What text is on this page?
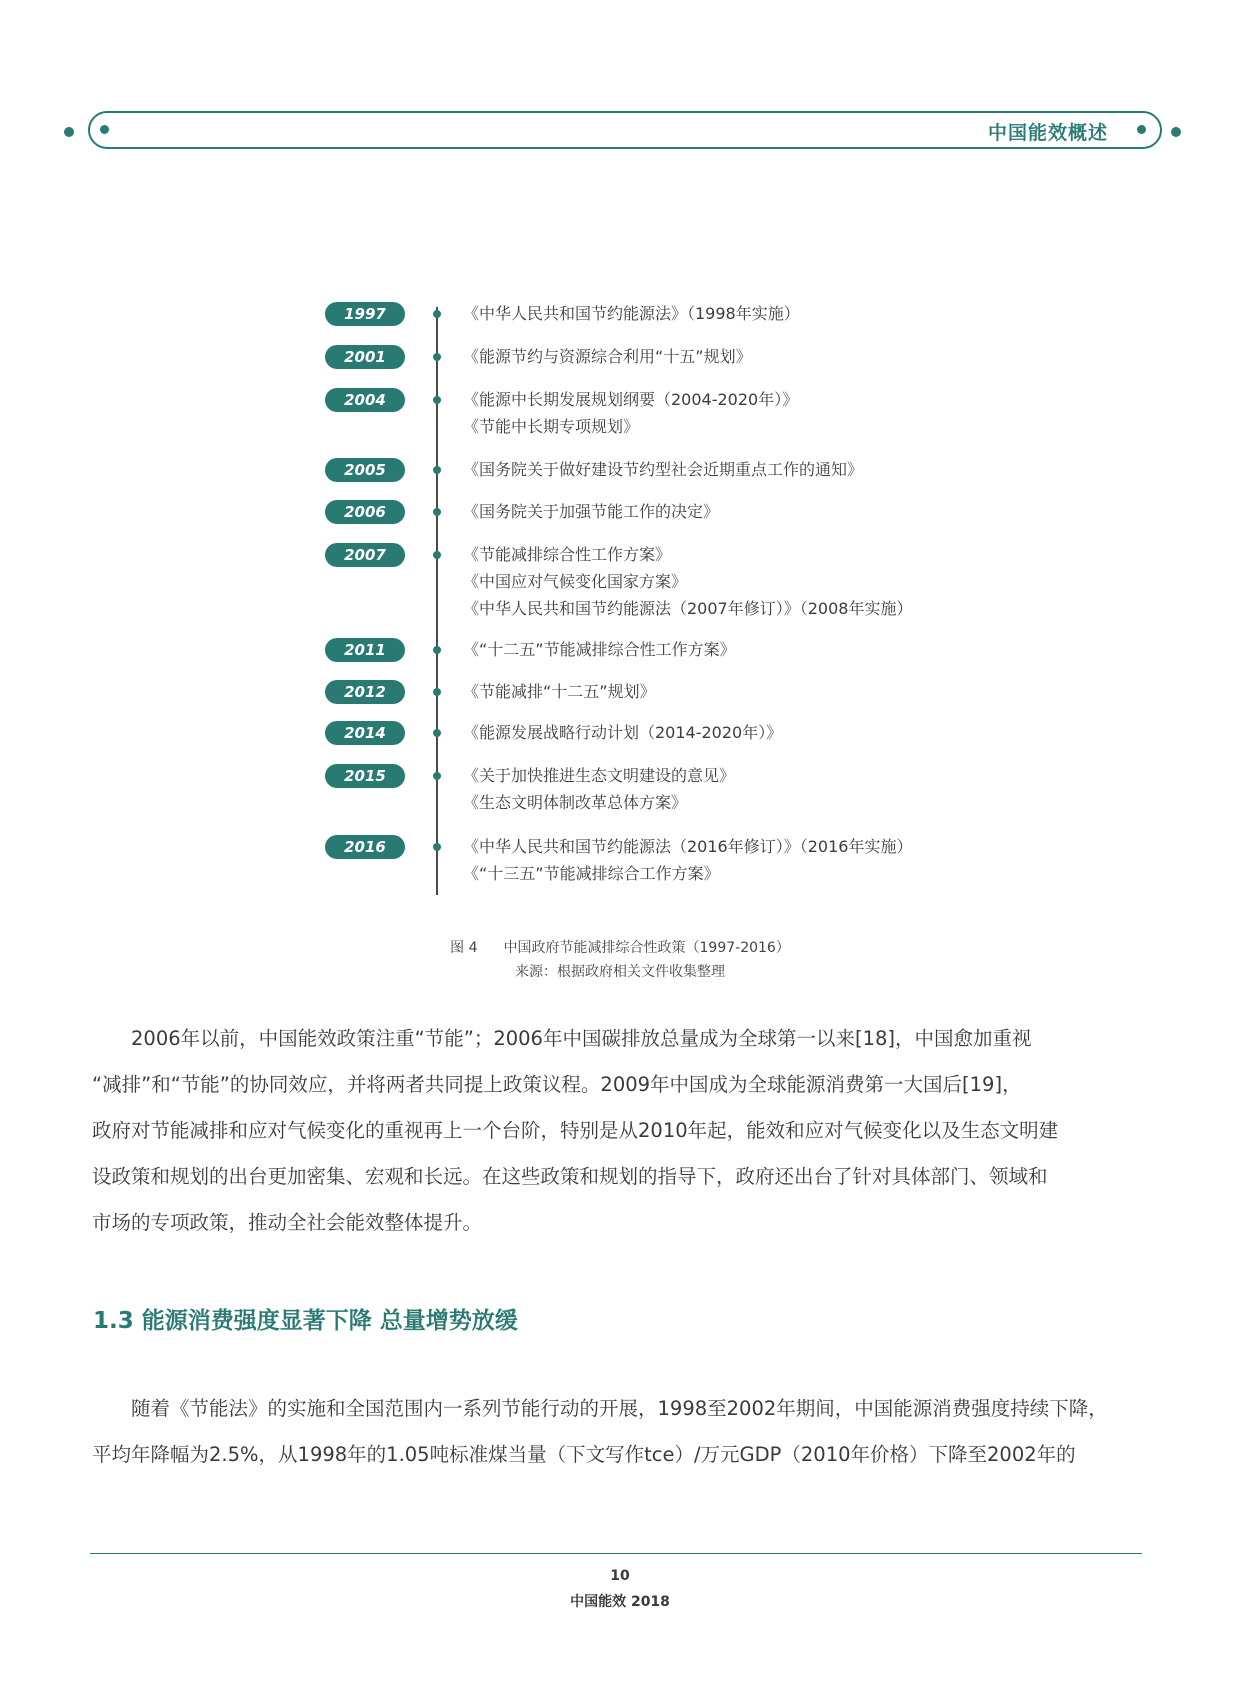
中国能效概述
1997	《中华人民共和国节约能源法》（1998年实施）
2001	《能源节约与资源综合利用“十五”规划》
2004	《能源中长期发展规划纲要（2004-2020年）》
《节能中长期专项规划》
2005	《国务院关于做好建设节约型社会近期重点工作的通知》
2006	《国务院关于加强节能工作的决定》
2007	《节能减排综合性工作方案》
《中国应对气候变化国家方案》
《中华人民共和国节约能源法（2007年修订）》（2008年实施）
2011	《“十二五”节能减排综合性工作方案》
2012	《节能减排“十二五”规划》
2014	《能源发展战略行动计划（2014-2020年）》
2015	《关于加快推进生态文明建设的意见》
《生态文明体制改革总体方案》
2016	《中华人民共和国节约能源法（2016年修订）》（2016年实施）
《“十三五”节能减排综合工作方案》
图 4 中国政府节能减排综合性政策（1997-2016）
来源：根据政府相关文件收集整理
　　2006年以前，中国能效政策注重“节能”；2006年中国碳排放总量成为全球第一以来[18]，中国愈加重视
“减排”和“节能”的协同效应，并将两者共同提上政策议程。2009年中国成为全球能源消费第一大国后[19]，
政府对节能减排和应对气候变化的重视再上一个台阶，特别是从2010年起，能效和应对气候变化以及生态文明建
设政策和规划的出台更加密集、宏观和长远。在这些政策和规划的指导下，政府还出台了针对具体部门、领域和
市场的专项政策，推动全社会能效整体提升。
1.3 能源消费强度显著下降 总量增势放缓
　　随着《节能法》的实施和全国范围内一系列节能行动的开展，1998至2002年期间，中国能源消费强度持续下降，
平均年降幅为2.5%，从1998年的1.05吨标准煤当量（下文写作tce）/万元GDP（2010年价格）下降至2002年的
10
中国能效 2018
